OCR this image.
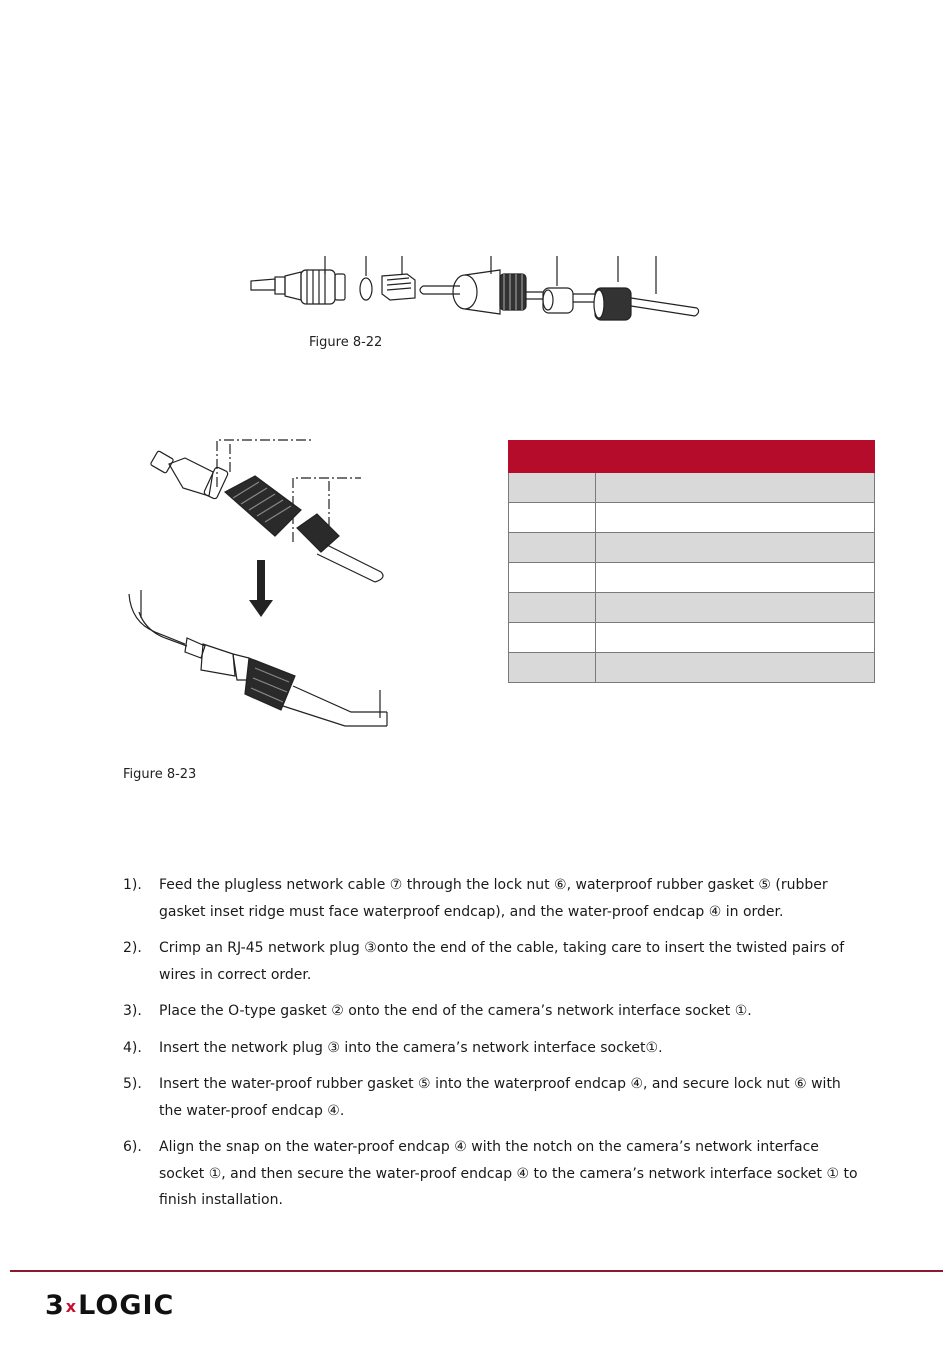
Figure 8-22
Figure 8-23

1). Feed the plugless network cable ⑦ through the lock nut ⑥, waterproof rubber gasket ⑤ (rubber gasket inset ridge must face waterproof endcap), and the water-proof endcap ④ in order.
2). Crimp an RJ-45 network plug ③onto the end of the cable, taking care to insert the twisted pairs of wires in correct order.
3). Place the O-type gasket ② onto the end of the camera’s network interface socket ①.
4). Insert the network plug ③ into the camera’s network interface socket①.
5). Insert the water-proof rubber gasket ⑤ into the waterproof endcap ④, and secure lock nut ⑥ with the water-proof endcap ④.
6). Align the snap on the water-proof endcap ④ with the notch on the camera’s network interface socket ①, and then secure the water-proof endcap ④ to the camera’s network interface socket ① to finish installation.
3xLOGIC
